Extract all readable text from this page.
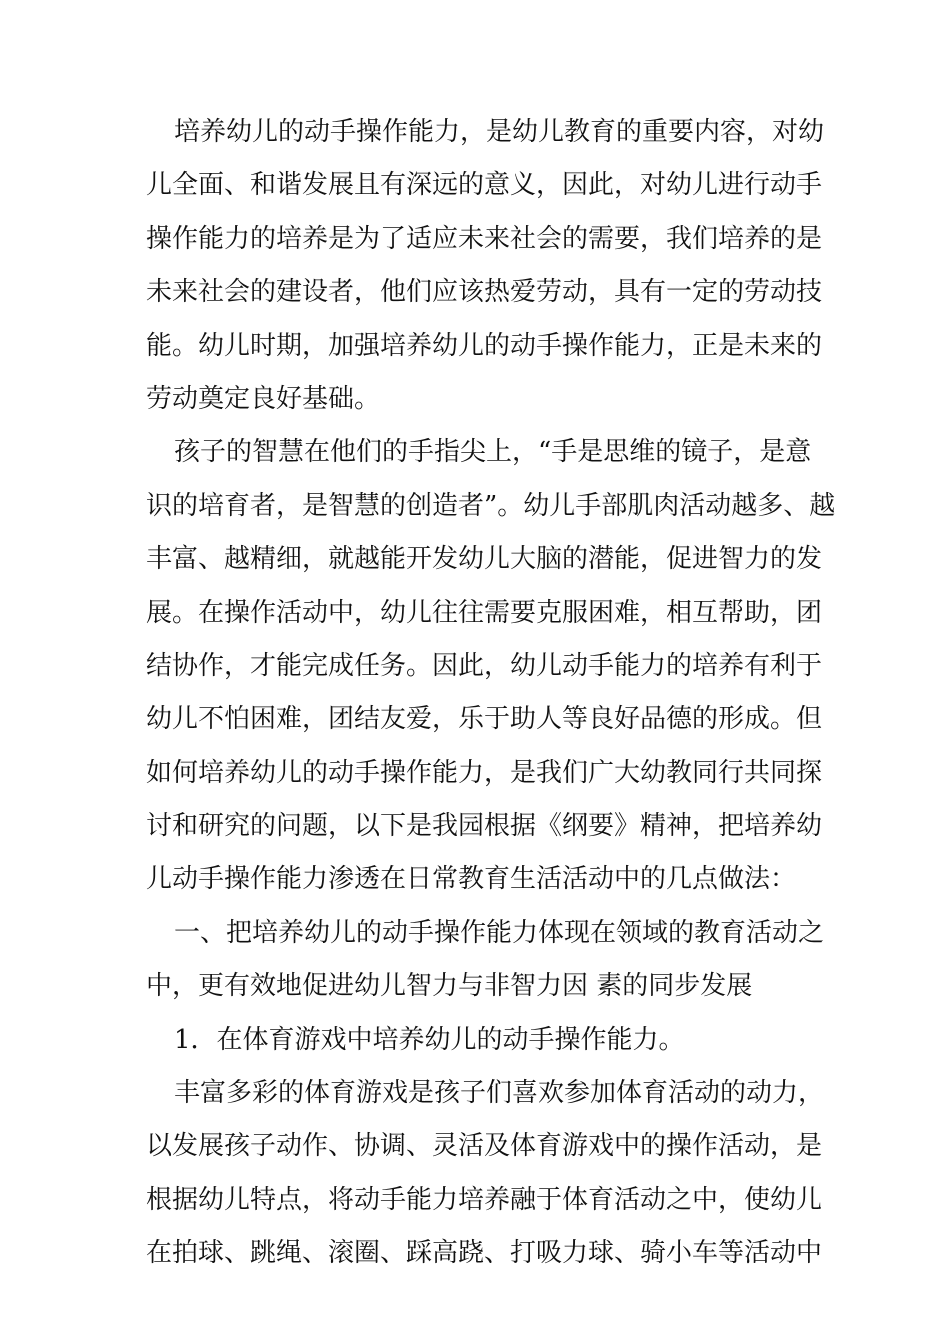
培养幼儿的动手操作能力，是幼儿教育的重要内容，对幼
儿全面、和谐发展且有深远的意义，因此，对幼儿进行动手
操作能力的培养是为了适应未来社会的需要，我们培养的是
未来社会的建设者，他们应该热爱劳动，具有一定的劳动技
能。幼儿时期，加强培养幼儿的动手操作能力，正是未来的
劳动奠定良好基础。
孩子的智慧在他们的手指尖上，“手是思维的镜子，是意
识的培育者，是智慧的创造者”。幼儿手部肌肉活动越多、越
丰富、越精细，就越能开发幼儿大脑的潜能，促进智力的发
展。在操作活动中，幼儿往往需要克服困难，相互帮助，团
结协作，才能完成任务。因此，幼儿动手能力的培养有利于
幼儿不怕困难，团结友爱，乐于助人等良好品德的形成。但
如何培养幼儿的动手操作能力，是我们广大幼教同行共同探
讨和研究的问题，以下是我园根据《纲要》精神，把培养幼
儿动手操作能力渗透在日常教育生活活动中的几点做法：
一、把培养幼儿的动手操作能力体现在领域的教育活动之
中，更有效地促进幼儿智力与非智力因 素的同步发展
1．在体育游戏中培养幼儿的动手操作能力。
丰富多彩的体育游戏是孩子们喜欢参加体育活动的动力，
以发展孩子动作、协调、灵活及体育游戏中的操作活动，是
根据幼儿特点，将动手能力培养融于体育活动之中，使幼儿
在拍球、跳绳、滚圈、踩高跷、打吸力球、骑小车等活动中
